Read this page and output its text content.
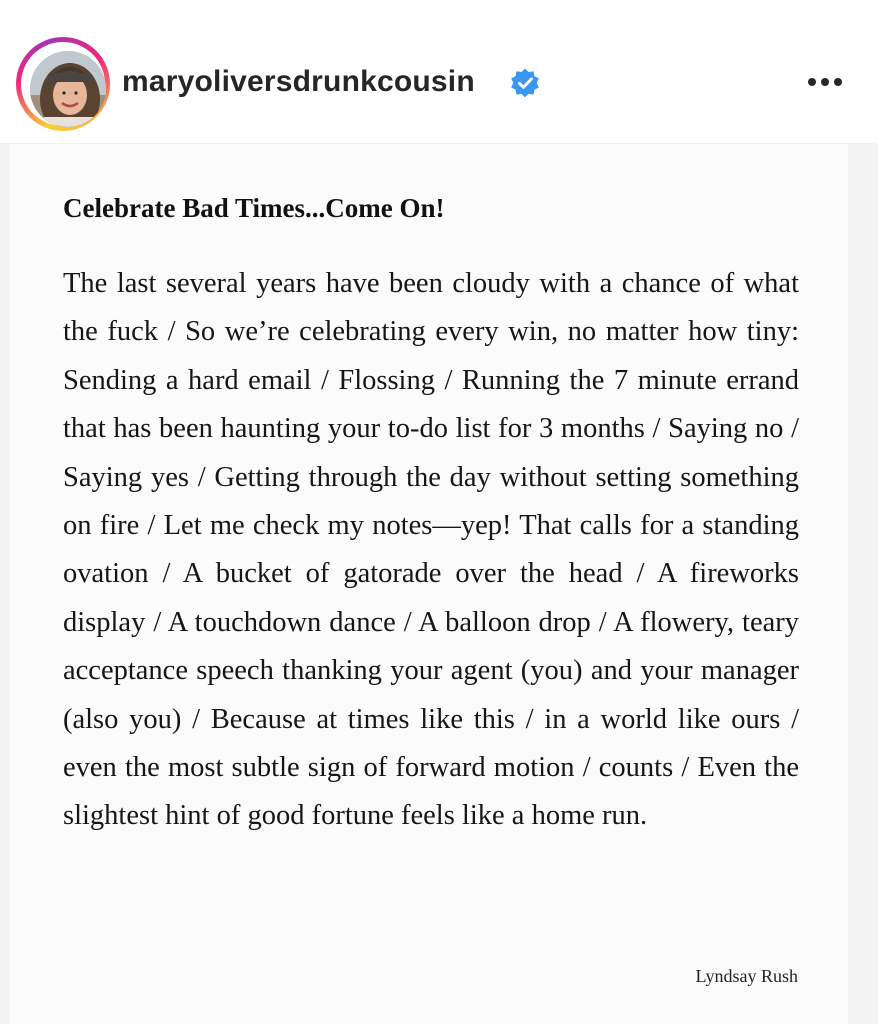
maryoliversdrunkcousin
Celebrate Bad Times...Come On!

The last several years have been cloudy with a chance of what the fuck / So we’re celebrating every win, no matter how tiny: Sending a hard email / Flossing / Running the 7 minute errand that has been haunting your to-do list for 3 months / Saying no / Saying yes / Getting through the day without setting something on fire / Let me check my notes—yep! That calls for a standing ovation / A bucket of gatorade over the head / A fireworks display / A touchdown dance / A balloon drop / A flowery, teary acceptance speech thanking your agent (you) and your manager (also you) / Because at times like this / in a world like ours / even the most subtle sign of forward motion / counts / Even the slightest hint of good fortune feels like a home run.

Lyndsay Rush
